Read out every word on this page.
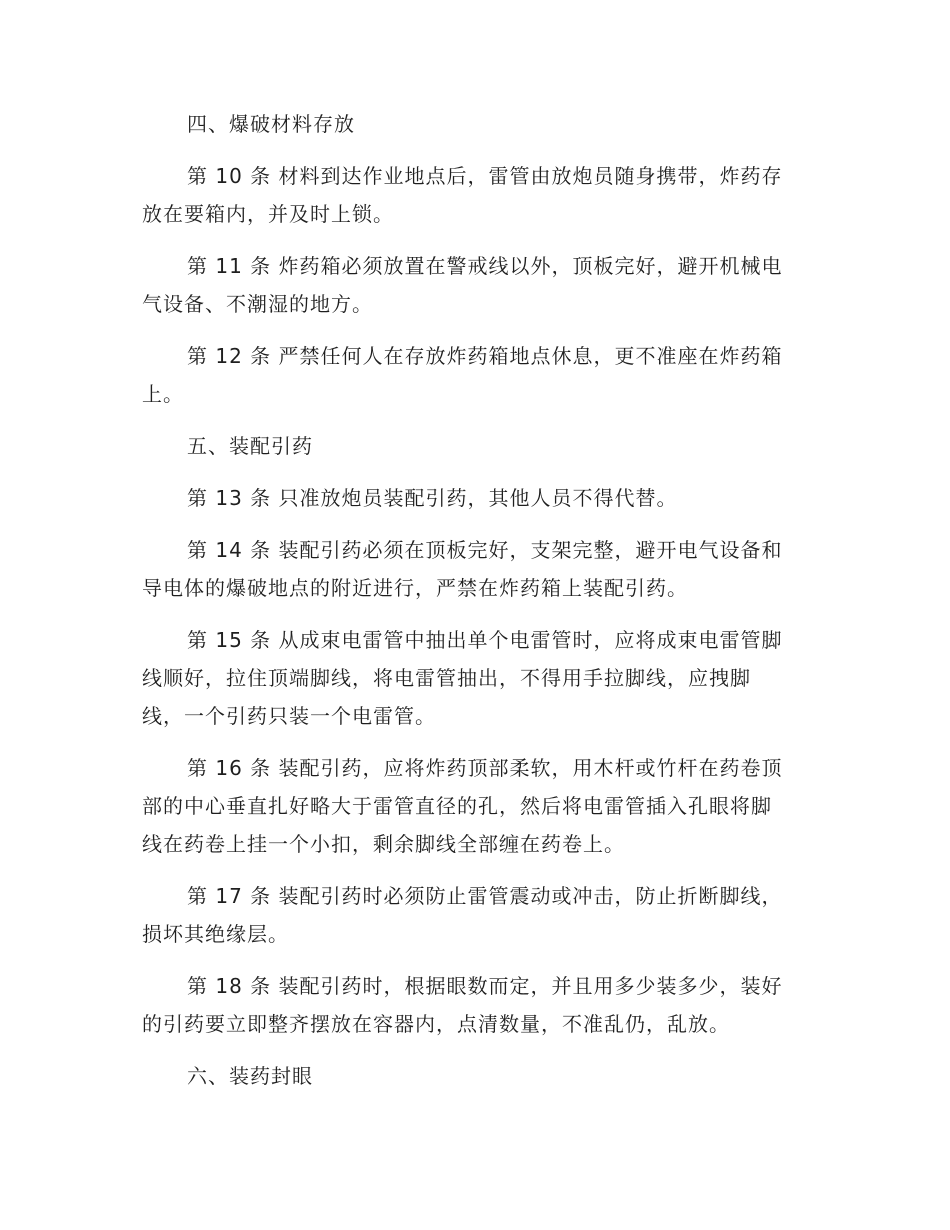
四、爆破材料存放
第 10 条 材料到达作业地点后，雷管由放炮员随身携带，炸药存
放在要箱内，并及时上锁。
第 11 条 炸药箱必须放置在警戒线以外，顶板完好，避开机械电
气设备、不潮湿的地方。
第 12 条 严禁任何人在存放炸药箱地点休息，更不准座在炸药箱
上。
五、装配引药
第 13 条 只准放炮员装配引药，其他人员不得代替。
第 14 条 装配引药必须在顶板完好，支架完整，避开电气设备和
导电体的爆破地点的附近进行，严禁在炸药箱上装配引药。
第 15 条 从成束电雷管中抽出单个电雷管时，应将成束电雷管脚
线顺好，拉住顶端脚线，将电雷管抽出，不得用手拉脚线，应拽脚
线，一个引药只装一个电雷管。
第 16 条 装配引药，应将炸药顶部柔软，用木杆或竹杆在药卷顶
部的中心垂直扎好略大于雷管直径的孔，然后将电雷管插入孔眼将脚
线在药卷上挂一个小扣，剩余脚线全部缠在药卷上。
第 17 条 装配引药时必须防止雷管震动或冲击，防止折断脚线，
损坏其绝缘层。
第 18 条 装配引药时，根据眼数而定，并且用多少装多少，装好
的引药要立即整齐摆放在容器内，点清数量，不准乱仍，乱放。
六、装药封眼
